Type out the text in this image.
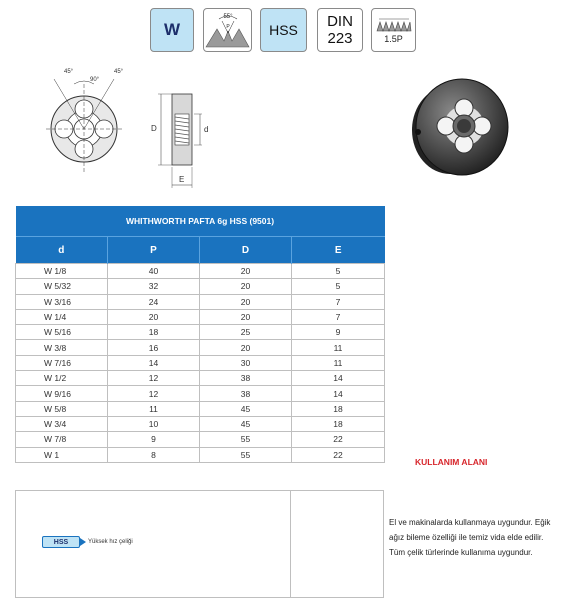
W
55°
P	HSS DIN
223	1.5P
45°	45°
90°
D	d
E
WHITHWORTH PAFTA 6g HSS (9501)			
d	P	D	E
W 1/8	40	20	5
W 5/32	32	20	5
W 3/16	24	20	7
W 1/4	20	20	7
W 5/16	18	25	9
W 3/8	16	20	11
W 7/16	14	30	11
W 1/2	12	38	14
W 9/16	12	38	14
W 5/8	11	45	18
W 3/4	10	45	18
W 7/8	9	55	22
W 1	8	55	22
HSS	Yüksek hız çeliği
KULLANIM ALANI
El ve makinalarda kullanmaya uygundur. Eğik ağız bileme özelliği ile temiz vida elde edilir. Tüm çelik türlerinde kullanıma uygundur.
